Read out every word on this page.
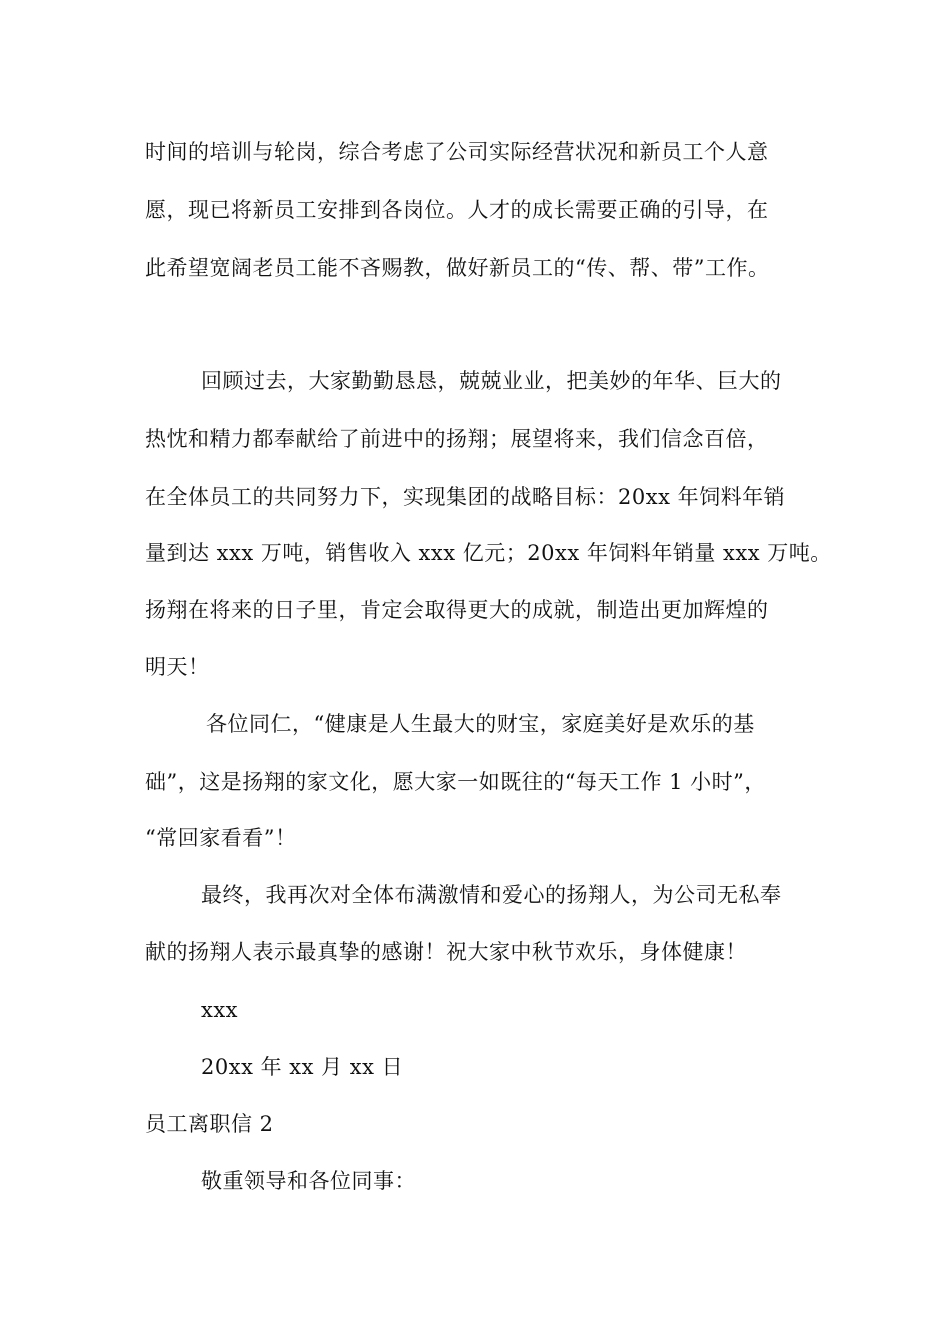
时间的培训与轮岗，综合考虑了公司实际经营状况和新员工个人意
愿，现已将新员工安排到各岗位。人才的成长需要正确的引导，在
此希望宽阔老员工能不吝赐教，做好新员工的“传、帮、带”工作。
回顾过去，大家勤勤恳恳，兢兢业业，把美妙的年华、巨大的
热忱和精力都奉献给了前进中的扬翔；展望将来，我们信念百倍，
在全体员工的共同努力下，实现集团的战略目标：20xx 年饲料年销
量到达 xxx 万吨，销售收入 xxx 亿元；20xx 年饲料年销量 xxx 万吨。
扬翔在将来的日子里，肯定会取得更大的成就，制造出更加辉煌的
明天！
各位同仁，“健康是人生最大的财宝，家庭美好是欢乐的基
础”，这是扬翔的家文化，愿大家一如既往的“每天工作 1 小时”，
“常回家看看”！
最终，我再次对全体布满激情和爱心的扬翔人，为公司无私奉
献的扬翔人表示最真挚的感谢！祝大家中秋节欢乐，身体健康！
xxx
20xx 年 xx 月 xx 日
员工离职信 2
敬重领导和各位同事：
